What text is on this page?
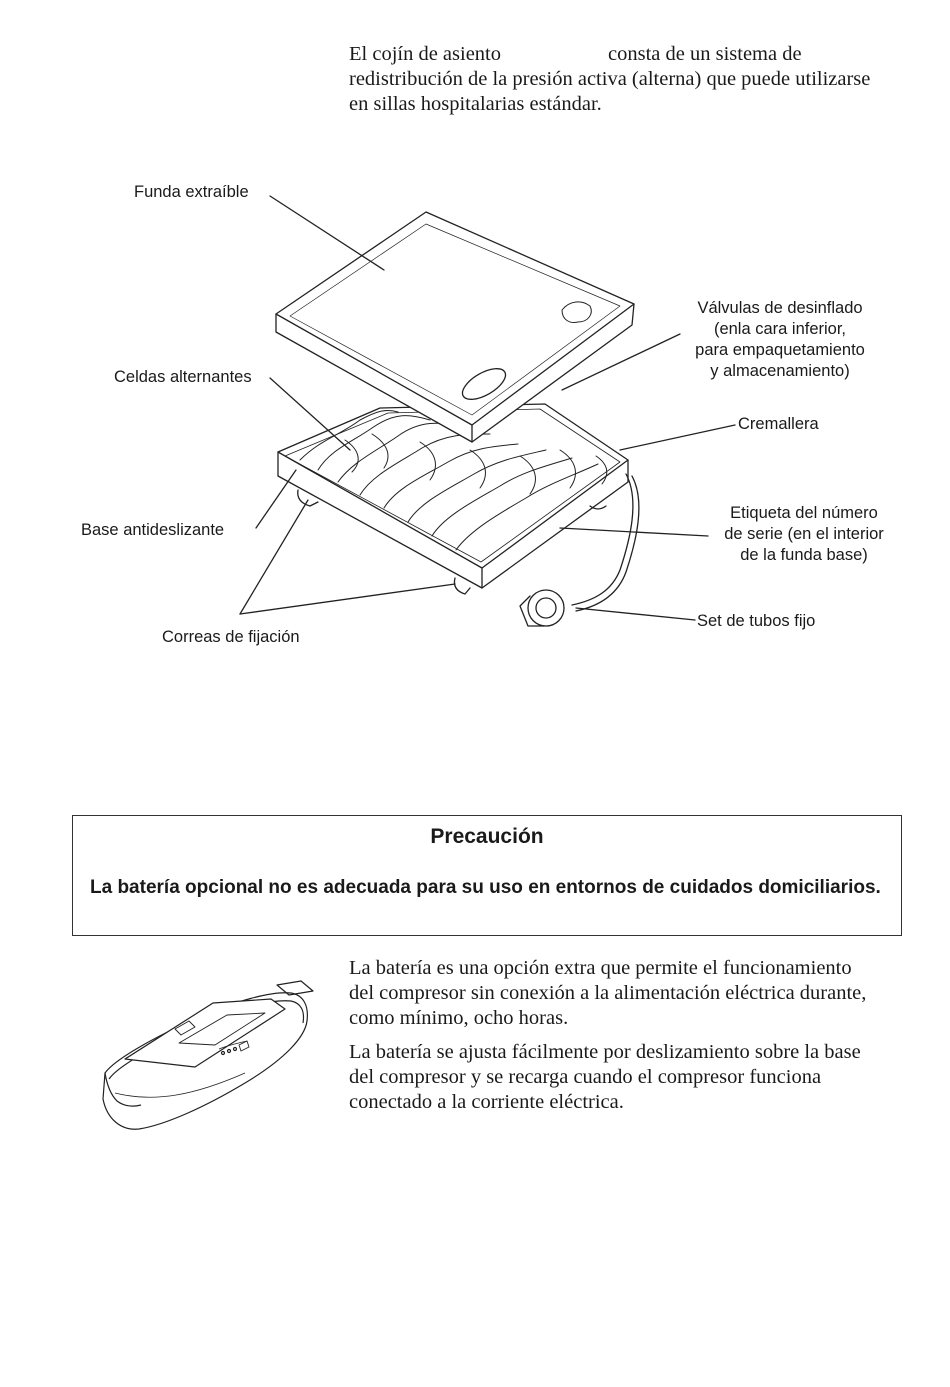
El cojín de asiento	consta de un sistema de

redistribución de la presión activa (alterna) que puede utilizarse

en sillas hospitalarias estándar.

Funda extraíble
Válvulas de desinflado
(enla cara inferior,
para empaquetamiento
y almacenamiento)
Celdas alternantes
Cremallera
Base antideslizante
Etiqueta del número
de serie (en el interior
de la funda base)
Correas de fijación
Set de tubos fijo
Precaución
La batería opcional no es adecuada para su uso en entornos de cuidados domiciliarios.

La batería es una opción extra que permite el funcionamiento
del compresor sin conexión a la alimentación eléctrica durante,
como mínimo, ocho horas.

La batería se ajusta fácilmente por deslizamiento sobre la base
del compresor y se recarga cuando el compresor funciona
conectado a la corriente eléctrica.
